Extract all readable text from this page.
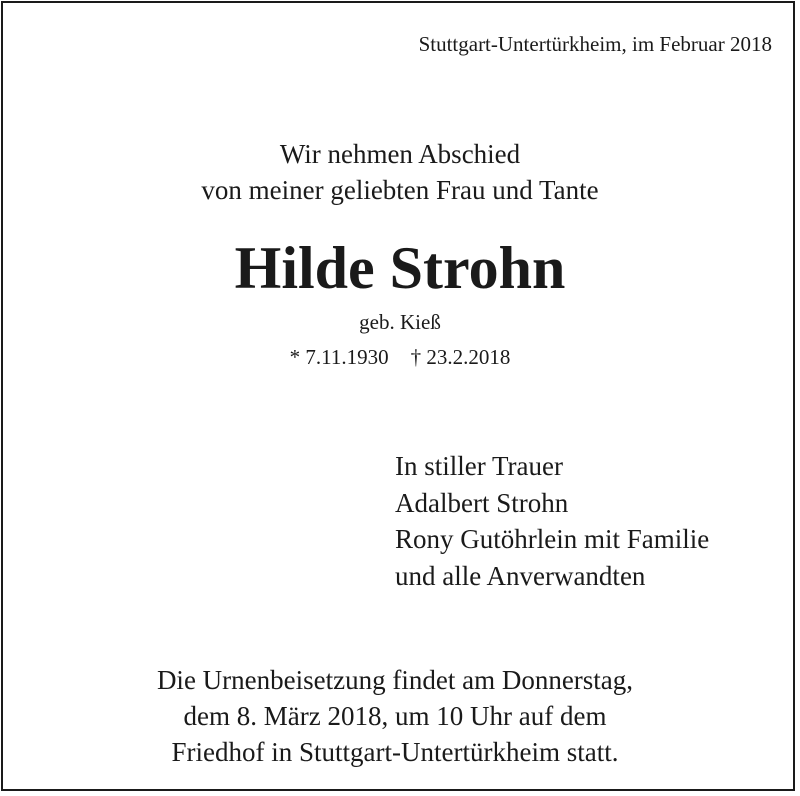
Stuttgart-Untertürkheim, im Februar 2018
Wir nehmen Abschied
von meiner geliebten Frau und Tante
Hilde Strohn
geb. Kieß
* 7.11.1930 † 23.2.2018
In stiller Trauer
Adalbert Strohn
Rony Gutöhrlein mit Familie
und alle Anverwandten
Die Urnenbeisetzung findet am Donnerstag,
dem 8. März 2018, um 10 Uhr auf dem
Friedhof in Stuttgart-Untertürkheim statt.
